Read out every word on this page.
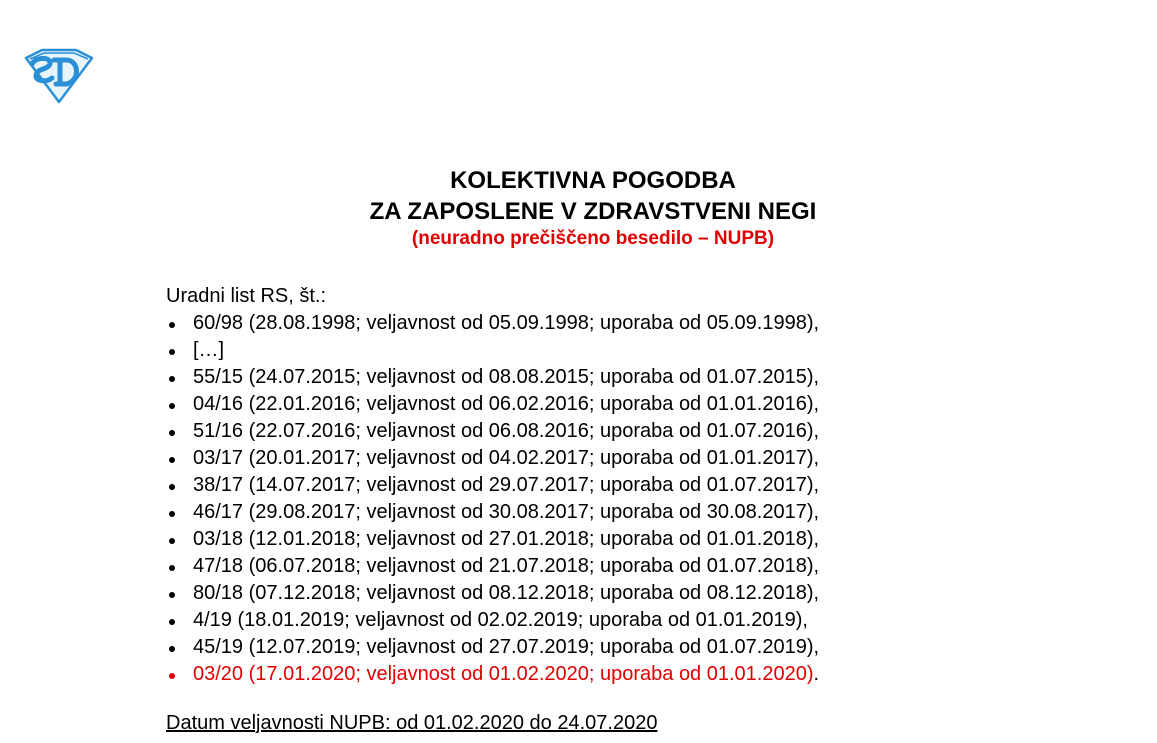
KOLEKTIVNA POGODBA
ZA ZAPOSLENE V ZDRAVSTVENI NEGI
(neuradno prečiščeno besedilo – NUPB)
Uradni list RS, št.:
60/98 (28.08.1998; veljavnost od 05.09.1998; uporaba od 05.09.1998),
[…]
55/15 (24.07.2015; veljavnost od 08.08.2015; uporaba od 01.07.2015),
04/16 (22.01.2016; veljavnost od 06.02.2016; uporaba od 01.01.2016),
51/16 (22.07.2016; veljavnost od 06.08.2016; uporaba od 01.07.2016),
03/17 (20.01.2017; veljavnost od 04.02.2017; uporaba od 01.01.2017),
38/17 (14.07.2017; veljavnost od 29.07.2017; uporaba od 01.07.2017),
46/17 (29.08.2017; veljavnost od 30.08.2017; uporaba od 30.08.2017),
03/18 (12.01.2018; veljavnost od 27.01.2018; uporaba od 01.01.2018),
47/18 (06.07.2018; veljavnost od 21.07.2018; uporaba od 01.07.2018),
80/18 (07.12.2018; veljavnost od 08.12.2018; uporaba od 08.12.2018),
4/19 (18.01.2019; veljavnost od 02.02.2019; uporaba od 01.01.2019),
45/19 (12.07.2019; veljavnost od 27.07.2019; uporaba od 01.07.2019),
03/20 (17.01.2020; veljavnost od 01.02.2020; uporaba od 01.01.2020).
Datum veljavnosti NUPB: od 01.02.2020 do 24.07.2020
